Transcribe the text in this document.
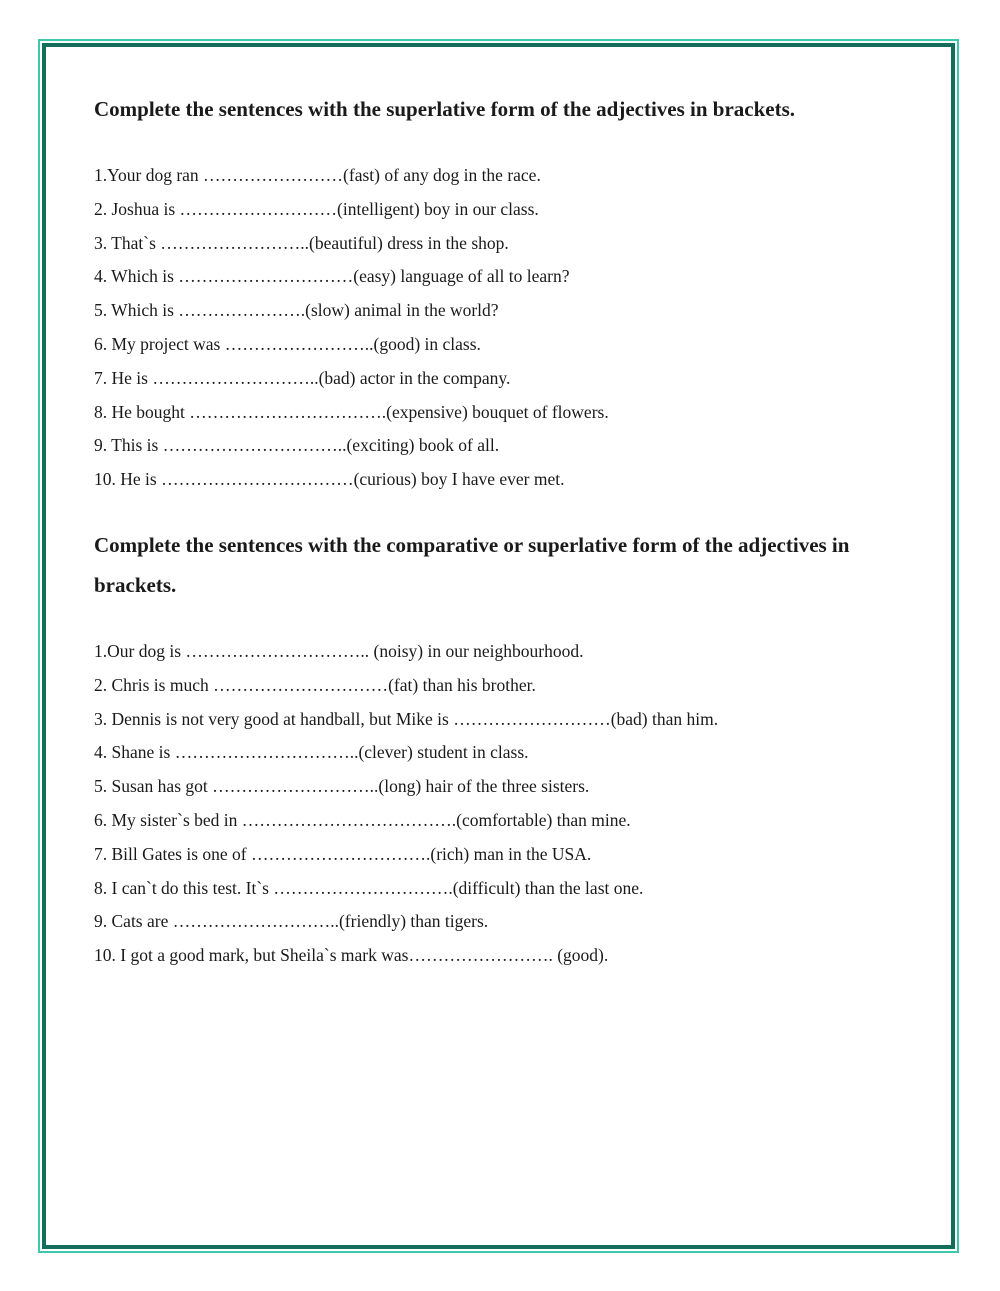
Complete the sentences with the superlative form of the adjectives in brackets.
1.Your dog ran ……………………(fast) of any dog in the race.
2. Joshua is ………………………(intelligent) boy in our class.
3. That`s ……………………..(beautiful) dress in the shop.
4. Which is …………………………(easy) language of all to learn?
5. Which is ………………….(slow) animal in the world?
6. My project was ……………………..(good) in class.
7. He is ………………………..(bad) actor in the company.
8. He bought …………………………….(expensive) bouquet of flowers.
9. This is …………………………..(exciting) book of all.
10. He is ……………………………(curious) boy I have ever met.
Complete the sentences with the comparative or superlative form of the adjectives in brackets.
1.Our dog is ………………………….. (noisy) in our neighbourhood.
2. Chris is much …………………………(fat) than his brother.
3. Dennis is not very good at handball, but Mike is ………………………(bad) than him.
4. Shane is …………………………..(clever) student in class.
5. Susan has got ………………………..(long) hair of the three sisters.
6. My sister`s bed in ……………………………….(comfortable) than mine.
7. Bill Gates is one of ………………………….(rich) man in the USA.
8. I can`t do this test. It`s ………………………….(difficult) than the last one.
9. Cats are ………………………..(friendly) than tigers.
10. I got a good mark, but Sheila`s mark was……………………. (good).
